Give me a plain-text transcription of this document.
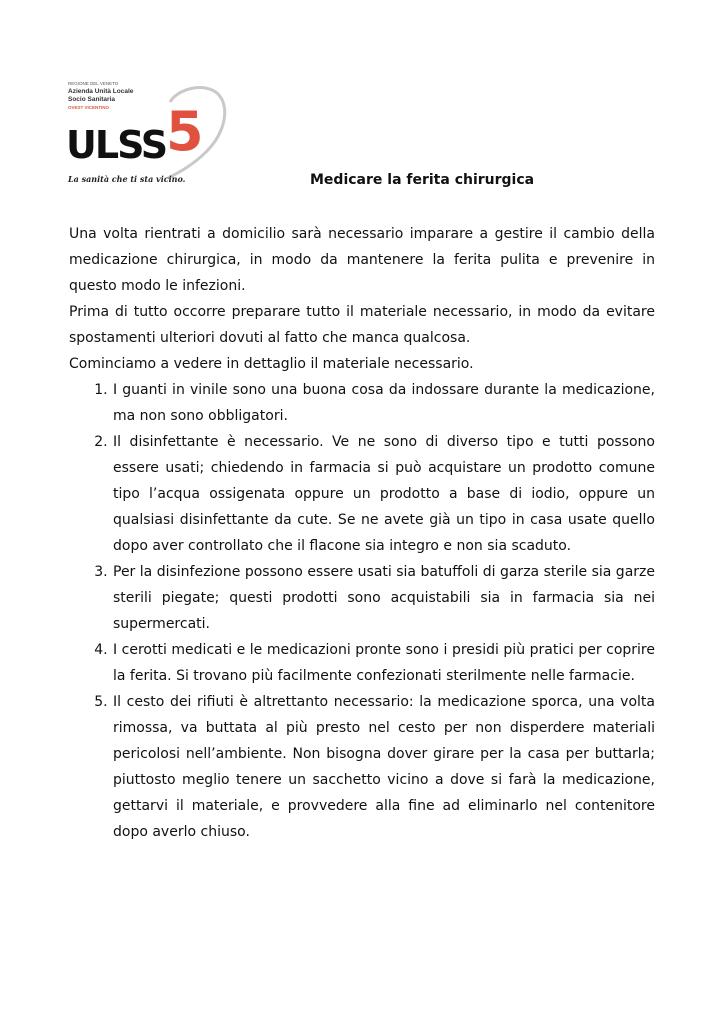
5
ULSS
REGIONE DEL VENETO
Azienda Unità Locale
Socio Sanitaria
OVEST VICENTINO
La sanità che ti sta vicino.	Medicare la ferita chirurgica

Una volta rientrati a domicilio sarà necessario imparare a gestire il cambio della medicazione chirurgica, in modo da mantenere la ferita pulita e prevenire in questo modo le infezioni.

Prima di tutto occorre preparare tutto il materiale necessario, in modo da evitare spostamenti ulteriori dovuti al fatto che manca qualcosa.

Cominciamo a vedere in dettaglio il materiale necessario.

1. I guanti in vinile sono una buona cosa da indossare durante la medicazione, ma non sono obbligatori.
2. Il disinfettante è necessario. Ve ne sono di diverso tipo e tutti possono essere usati; chiedendo in farmacia si può acquistare un prodotto comune tipo l’acqua ossigenata oppure un prodotto a base di iodio, oppure un qualsiasi disinfettante da cute. Se ne avete già un tipo in casa usate quello dopo aver controllato che il flacone sia integro e non sia scaduto.
3. Per la disinfezione possono essere usati sia batuffoli di garza sterile sia garze sterili piegate; questi prodotti sono acquistabili sia in farmacia sia nei supermercati.
4. I cerotti medicati e le medicazioni pronte sono i presidi più pratici per coprire la ferita. Si trovano più facilmente confezionati sterilmente nelle farmacie.
5. Il cesto dei rifiuti è altrettanto necessario: la medicazione sporca, una volta rimossa, va buttata al più presto nel cesto per non disperdere materiali pericolosi nell’ambiente. Non bisogna dover girare per la casa per buttarla; piuttosto meglio tenere un sacchetto vicino a dove si farà la medicazione, gettarvi il materiale, e provvedere alla fine ad eliminarlo nel contenitore dopo averlo chiuso.
